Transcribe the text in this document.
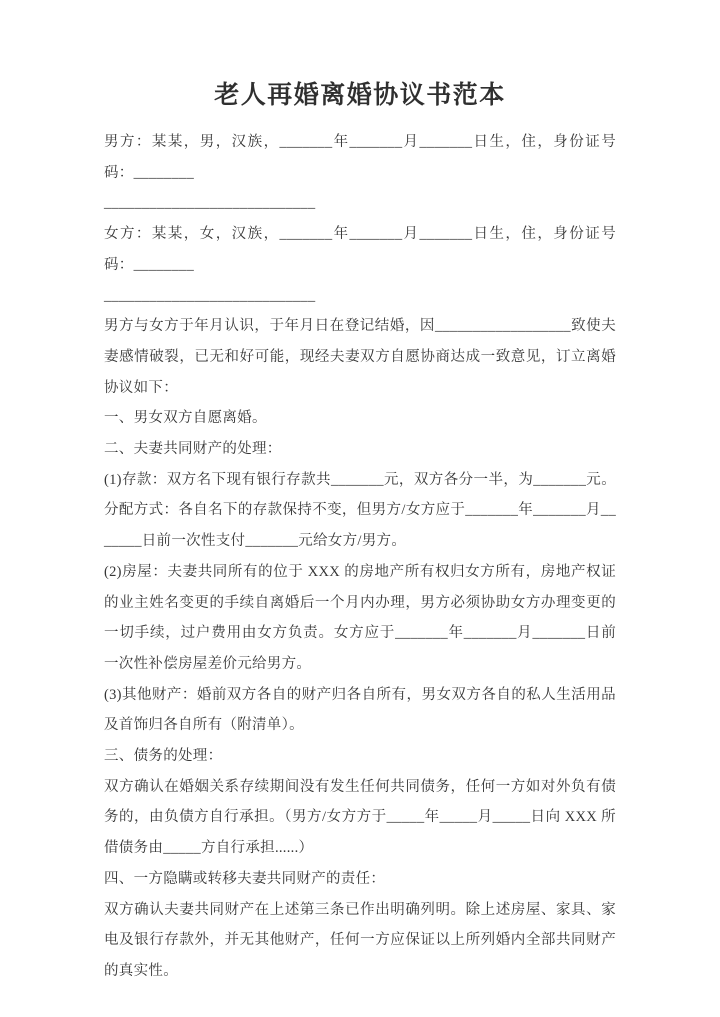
老人再婚离婚协议书范本

男方：某某，男，汉族，_______年_______月_______日生，住，身份证号码：________

____________________________

女方：某某，女，汉族，_______年_______月_______日生，住，身份证号码：________

____________________________

男方与女方于年月认识，于年月日在登记结婚，因__________________致使夫妻感情破裂，已无和好可能，现经夫妻双方自愿协商达成一致意见，订立离婚协议如下：

一、男女双方自愿离婚。

二、夫妻共同财产的处理：

(1)存款：双方名下现有银行存款共_______元，双方各分一半，为_______元。分配方式：各自名下的存款保持不变，但男方/女方应于_______年_______月_______日前一次性支付_______元给女方/男方。

(2)房屋：夫妻共同所有的位于 XXX 的房地产所有权归女方所有，房地产权证的业主姓名变更的手续自离婚后一个月内办理，男方必须协助女方办理变更的一切手续，过户费用由女方负责。女方应于_______年_______月_______日前一次性补偿房屋差价元给男方。

(3)其他财产：婚前双方各自的财产归各自所有，男女双方各自的私人生活用品及首饰归各自所有（附清单）。

三、债务的处理：

双方确认在婚姻关系存续期间没有发生任何共同债务，任何一方如对外负有债务的，由负债方自行承担。（男方/女方方于_____年_____月_____日向 XXX 所借债务由_____方自行承担......）

四、一方隐瞒或转移夫妻共同财产的责任：

双方确认夫妻共同财产在上述第三条已作出明确列明。除上述房屋、家具、家电及银行存款外，并无其他财产，任何一方应保证以上所列婚内全部共同财产的真实性。
